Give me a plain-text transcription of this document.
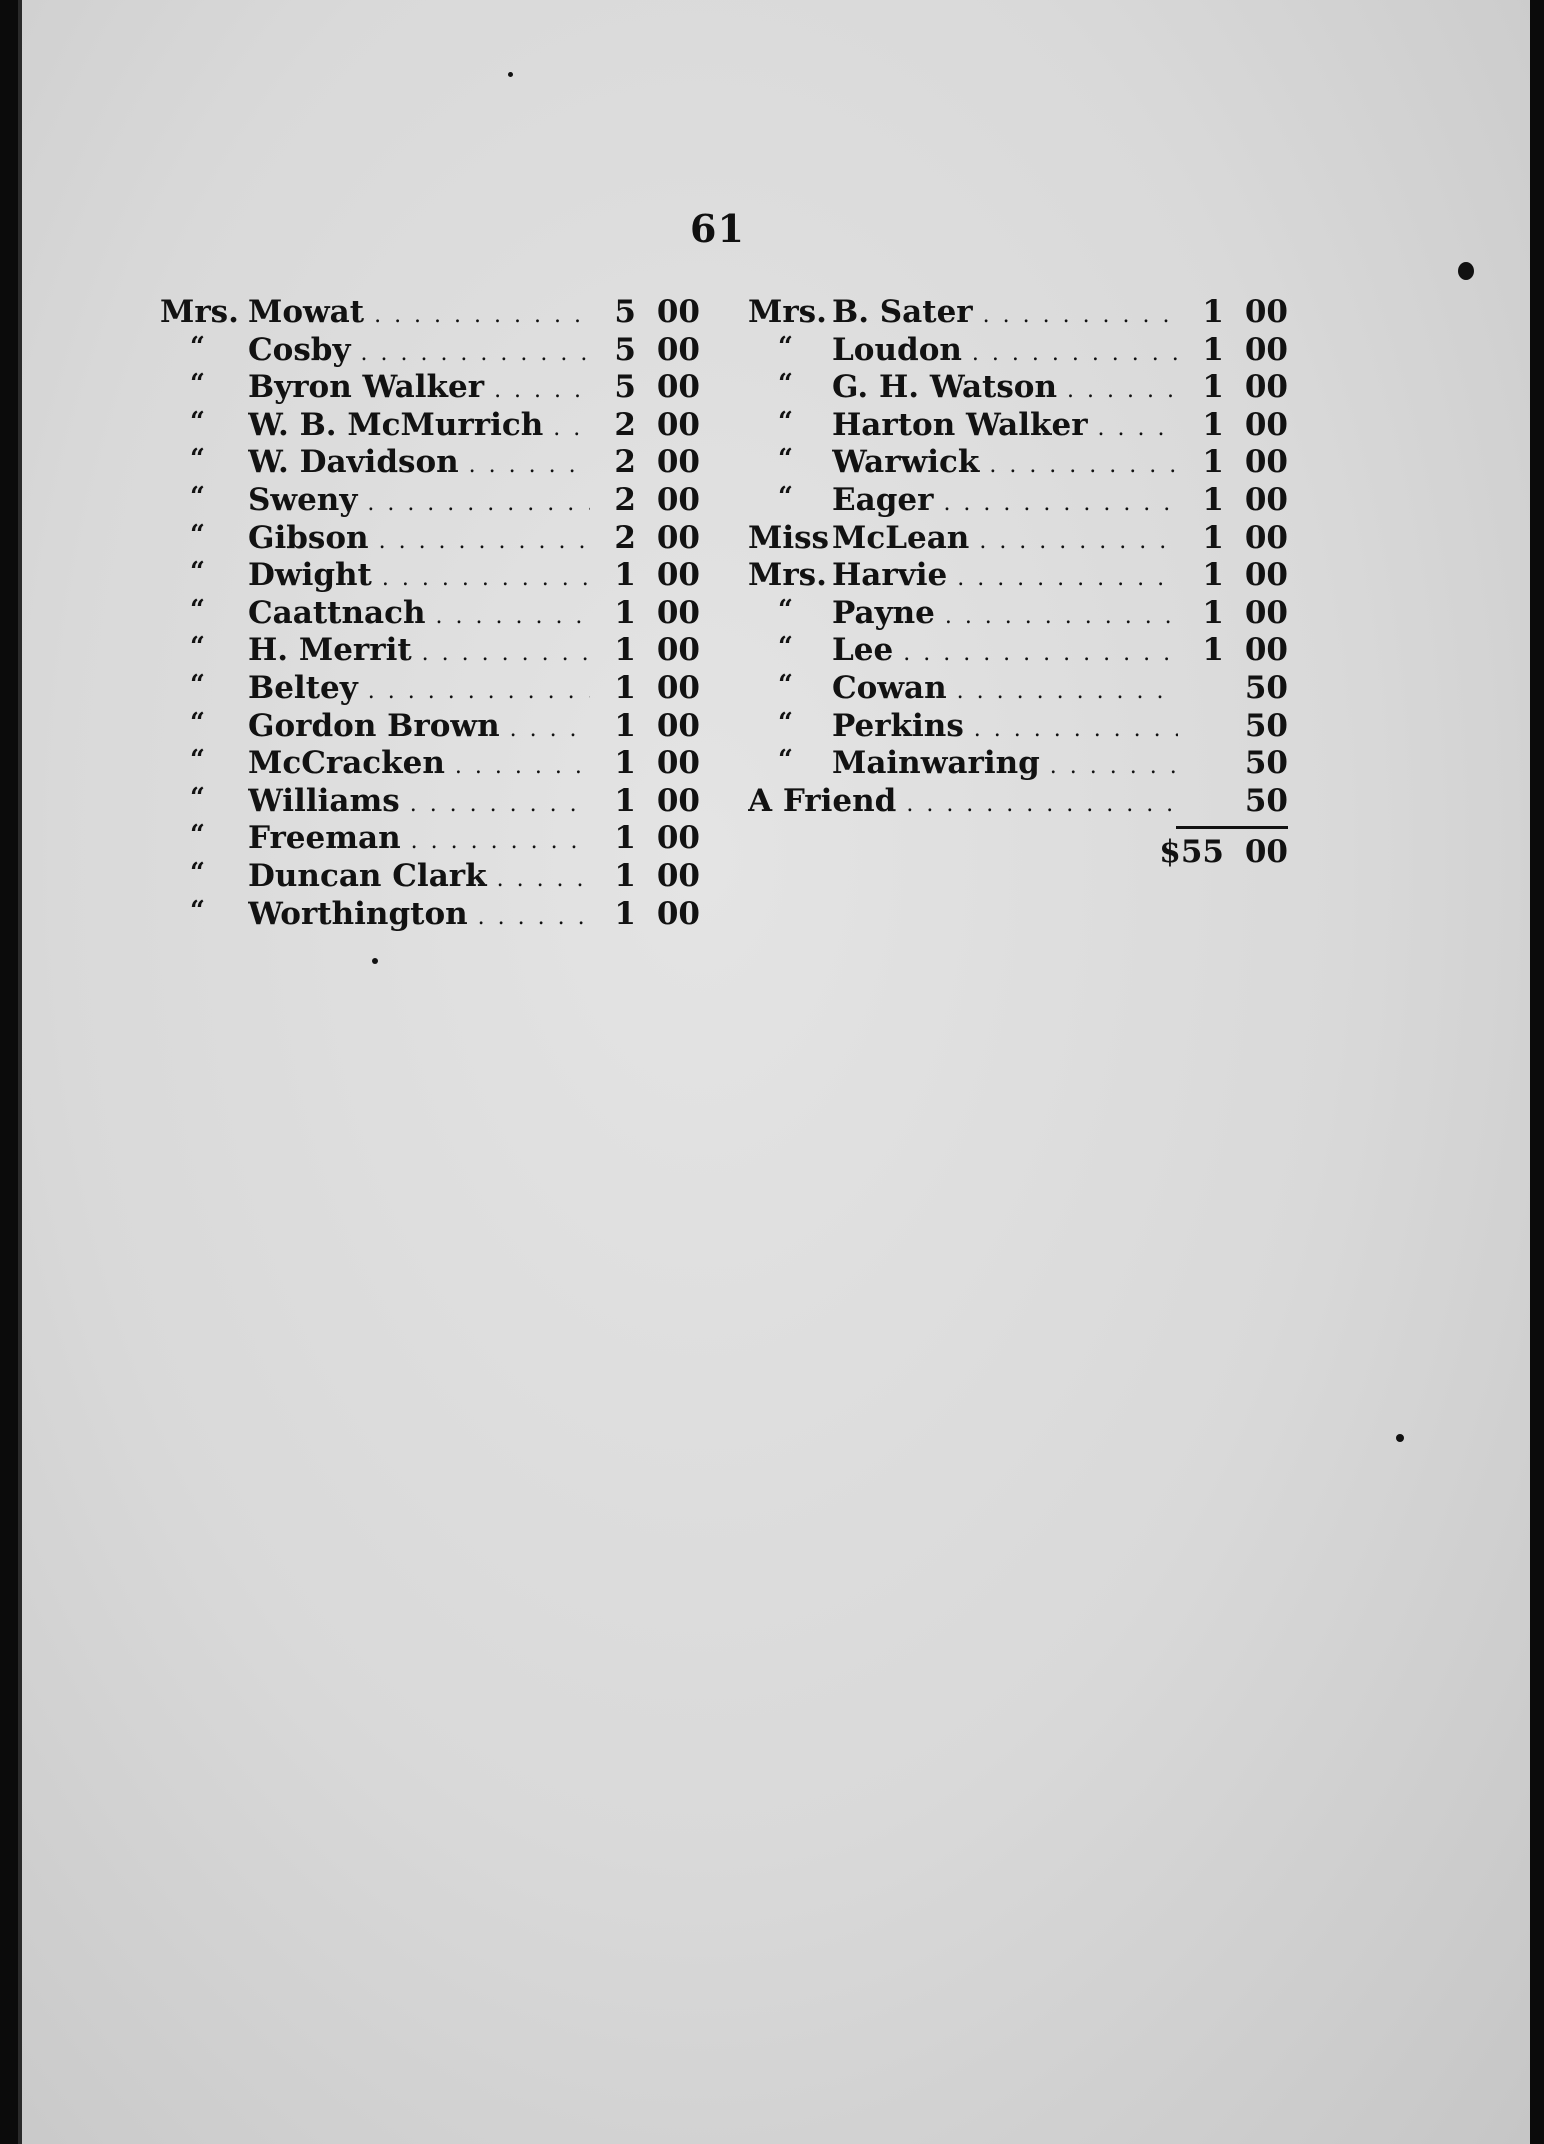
61
Mrs. Mowat . . .	5 00
“ Cosby . . .	5 00
“ Byron Walker . . .	5 00
“ W. B. McMurrich . . .	2 00
“ W. Davidson . . .	2 00
“ Sweny . . .	2 00
“ Gibson . . .	2 00
“ Dwight . . .	1 00
“ Caattnach . . .	1 00
“ H. Merrit . . .	1 00
“ Beltey . . .	1 00
“ Gordon Brown . . .	1 00
“ McCracken . . .	1 00
“ Williams . . .	1 00
“ Freeman . . .	1 00
“ Duncan Clark . . .	1 00
“ Worthington . . .	1 00
Mrs. B. Sater . . .	1 00
“ Loudon . . .	1 00
“ G. H. Watson . . .	1 00
“ Harton Walker . . .	1 00
“ Warwick . . .	1 00
“ Eager . . .	1 00
Miss McLean . . .	1 00
Mrs. Harvie . . .	1 00
“ Payne . . .	1 00
“ Lee . . .	1 00
“ Cowan . . .	50
“ Perkins . . .	50
“ Mainwaring . . .	50
A Friend . . .	50
$55 00
